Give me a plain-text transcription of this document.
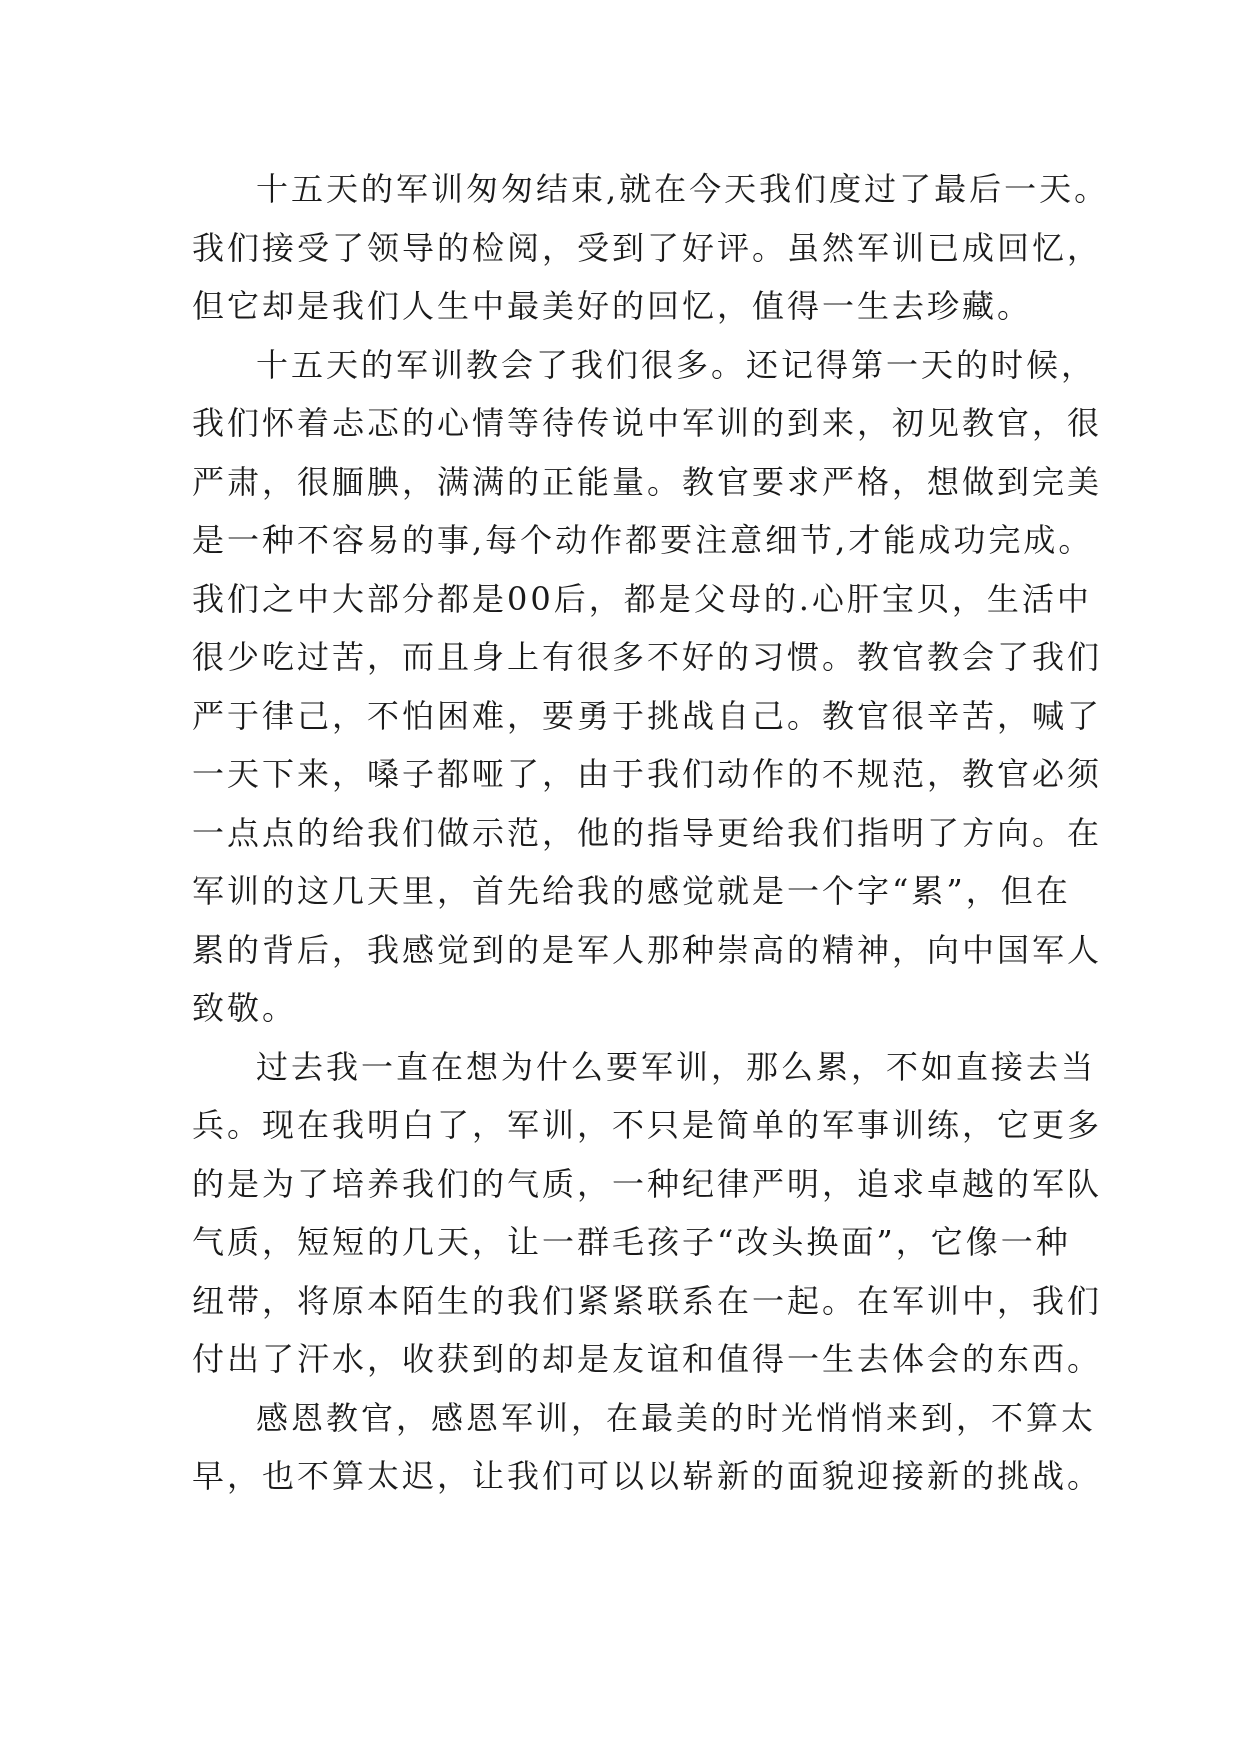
十五天的军训匆匆结束,就在今天我们度过了最后一天。
我们接受了领导的检阅，受到了好评。虽然军训已成回忆，
但它却是我们人生中最美好的回忆，值得一生去珍藏。
十五天的军训教会了我们很多。还记得第一天的时候，
我们怀着忐忑的心情等待传说中军训的到来，初见教官，很
严肃，很腼腆，满满的正能量。教官要求严格，想做到完美
是一种不容易的事,每个动作都要注意细节,才能成功完成。
我们之中大部分都是00后，都是父母的.心肝宝贝，生活中
很少吃过苦，而且身上有很多不好的习惯。教官教会了我们
严于律己，不怕困难，要勇于挑战自己。教官很辛苦，喊了
一天下来，嗓子都哑了，由于我们动作的不规范，教官必须
一点点的给我们做示范，他的指导更给我们指明了方向。在
军训的这几天里，首先给我的感觉就是一个字“累”，但在
累的背后，我感觉到的是军人那种崇高的精神，向中国军人
致敬。
过去我一直在想为什么要军训，那么累，不如直接去当
兵。现在我明白了，军训，不只是简单的军事训练，它更多
的是为了培养我们的气质，一种纪律严明，追求卓越的军队
气质，短短的几天，让一群毛孩子“改头换面”，它像一种
纽带，将原本陌生的我们紧紧联系在一起。在军训中，我们
付出了汗水，收获到的却是友谊和值得一生去体会的东西。
感恩教官，感恩军训，在最美的时光悄悄来到，不算太
早，也不算太迟，让我们可以以崭新的面貌迎接新的挑战。
